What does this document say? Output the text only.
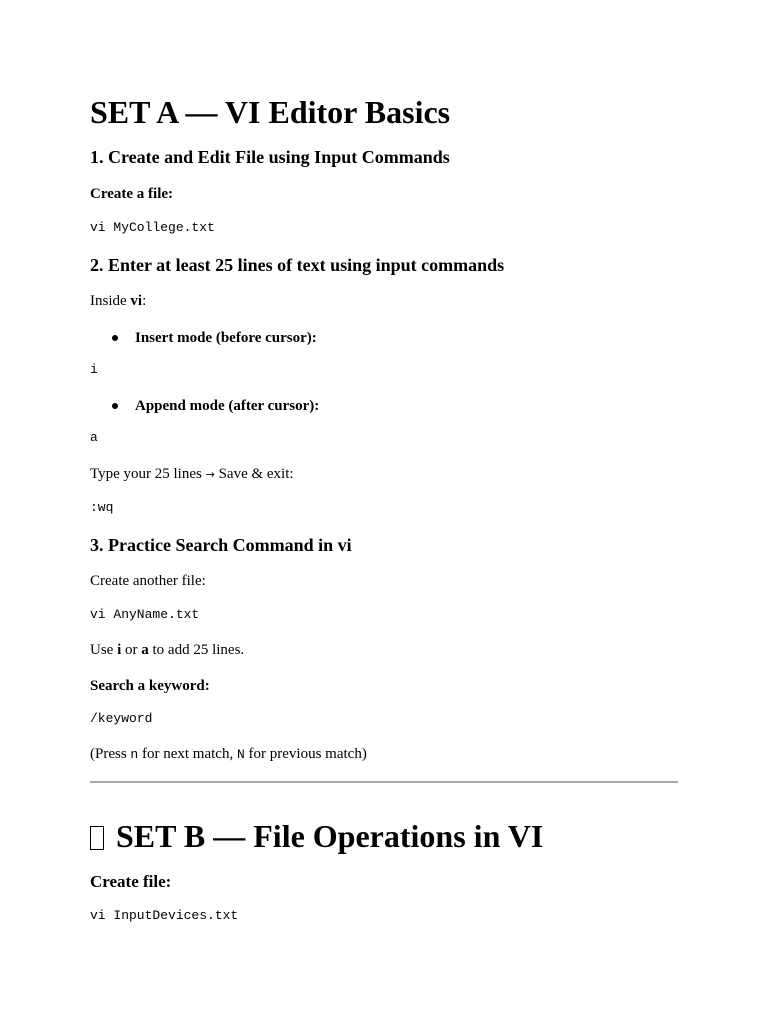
SET A — VI Editor Basics
1. Create and Edit File using Input Commands
Create a file:
vi MyCollege.txt
2. Enter at least 25 lines of text using input commands
Inside vi:
Insert mode (before cursor):
i
Append mode (after cursor):
a
Type your 25 lines → Save & exit:
:wq
3. Practice Search Command in vi
Create another file:
vi AnyName.txt
Use i or a to add 25 lines.
Search a keyword:
/keyword
(Press n for next match, N for previous match)
SET B — File Operations in VI
Create file:
vi InputDevices.txt
